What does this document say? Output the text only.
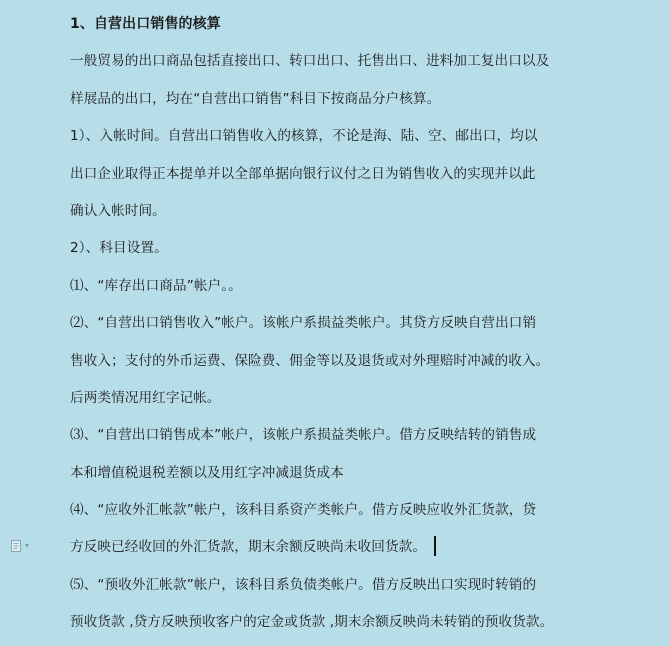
1、自营出口销售的核算
一般贸易的出口商品包括直接出口、转口出口、托售出口、进料加工复出口以及
样展品的出口，均在“自营出口销售”科目下按商品分户核算。
1）、入帐时间。自营出口销售收入的核算，不论是海、陆、空、邮出口，均以
出口企业取得正本提单并以全部单据向银行议付之日为销售收入的实现并以此
确认入帐时间。
2）、科目设置。
⑴、“库存出口商品”帐户。。
⑵、“自营出口销售收入”帐户。该帐户系损益类帐户。其贷方反映自营出口销
售收入；支付的外币运费、保险费、佣金等以及退货或对外理赔时冲减的收入。
后两类情况用红字记帐。
⑶、“自营出口销售成本”帐户，该帐户系损益类帐户。借方反映结转的销售成
本和增值税退税差额以及用红字冲减退货成本
⑷、“应收外汇帐款”帐户，该科目系资产类帐户。借方反映应收外汇货款，贷
方反映已经收回的外汇货款，期末余额反映尚未收回货款。
⑸、“预收外汇帐款”帐户，该科目系负债类帐户。借方反映出口实现时转销的
预收货款 ,贷方反映预收客户的定金或货款 ,期末余额反映尚未转销的预收货款。
▾
